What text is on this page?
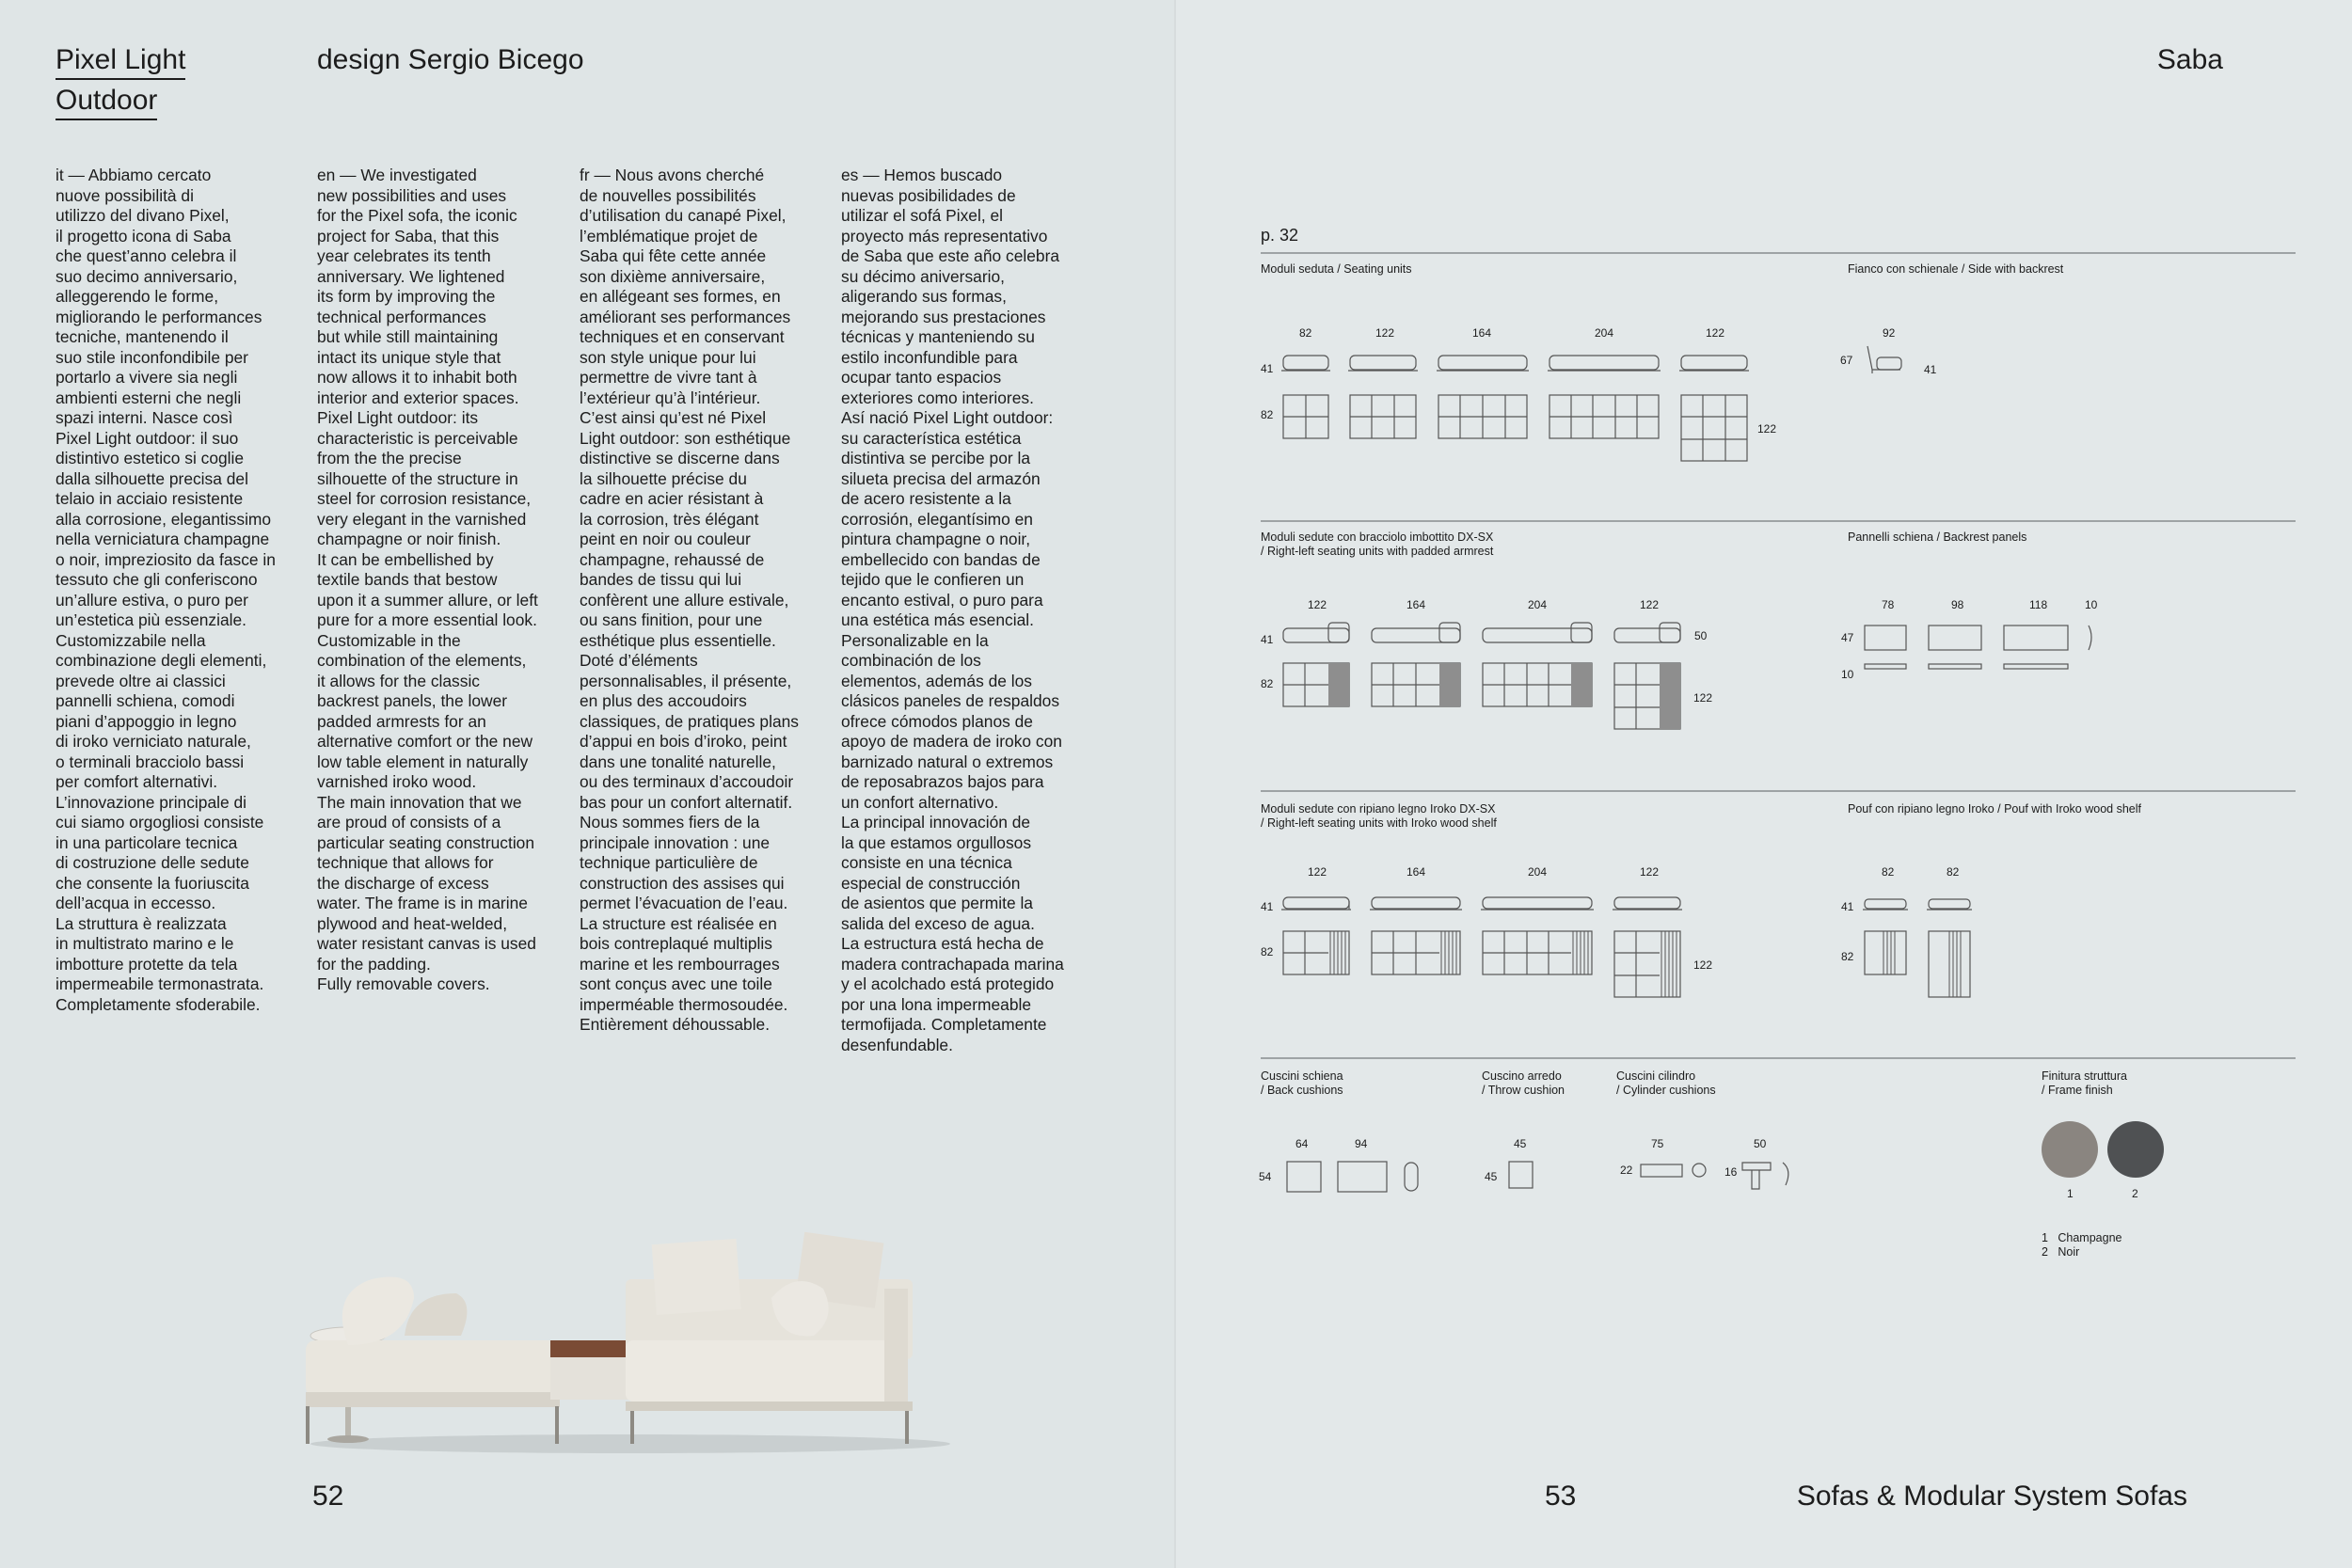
Pixel Light
Outdoor
design Sergio Bicego
it — Abbiamo cercato
nuove possibilità di
utilizzo del divano Pixel,
il progetto icona di Saba
che quest’anno celebra il
suo decimo anniversario,
alleggerendo le forme,
migliorando le performances
tecniche, mantenendo il
suo stile inconfondibile per
portarlo a vivere sia negli
ambienti esterni che negli
spazi interni. Nasce così
Pixel Light outdoor: il suo
distintivo estetico si coglie
dalla silhouette precisa del
telaio in acciaio resistente
alla corrosione, elegantissimo
nella verniciatura champagne
o noir, impreziosito da fasce in
tessuto che gli conferiscono
un’allure estiva, o puro per
un’estetica più essenziale.
Customizzabile nella
combinazione degli elementi,
prevede oltre ai classici
pannelli schiena, comodi
piani d’appoggio in legno
di iroko verniciato naturale,
o terminali bracciolo bassi
per comfort alternativi.
L’innovazione principale di
cui siamo orgogliosi consiste
in una particolare tecnica
di costruzione delle sedute
che consente la fuoriuscita
dell’acqua in eccesso.
La struttura è realizzata
in multistrato marino e le
imbotture protette da tela
impermeabile termonastrata.
Completamente sfoderabile.
en — We investigated
new possibilities and uses
for the Pixel sofa, the iconic
project for Saba, that this
year celebrates its tenth
anniversary. We lightened
its form by improving the
technical performances
but while still maintaining
intact its unique style that
now allows it to inhabit both
interior and exterior spaces.
Pixel Light outdoor: its
characteristic is perceivable
from the the precise
silhouette of the structure in
steel for corrosion resistance,
very elegant in the varnished
champagne or noir finish.
It can be embellished by
textile bands that bestow
upon it a summer allure, or left
pure for a more essential look.
Customizable in the
combination of the elements,
it allows for the classic
backrest panels, the lower
padded armrests for an
alternative comfort or the new
low table element in naturally
varnished iroko wood.
The main innovation that we
are proud of consists of a
particular seating construction
technique that allows for
the discharge of excess
water. The frame is in marine
plywood and heat-welded,
water resistant canvas is used
for the padding.
Fully removable covers.
fr — Nous avons cherché
de nouvelles possibilités
d’utilisation du canapé Pixel,
l’emblématique projet de
Saba qui fête cette année
son dixième anniversaire,
en allégeant ses formes, en
améliorant ses performances
techniques et en conservant
son style unique pour lui
permettre de vivre tant à
l’extérieur qu’à l’intérieur.
C’est ainsi qu’est né Pixel
Light outdoor: son esthétique
distinctive se discerne dans
la silhouette précise du
cadre en acier résistant à
la corrosion, très élégant
peint en noir ou couleur
champagne, rehaussé de
bandes de tissu qui lui
confèrent une allure estivale,
ou sans finition, pour une
esthétique plus essentielle.
Doté d’éléments
personnalisables, il présente,
en plus des accoudoirs
classiques, de pratiques plans
d’appui en bois d’iroko, peint
dans une tonalité naturelle,
ou des terminaux d’accoudoir
bas pour un confort alternatif.
Nous sommes fiers de la
principale innovation : une
technique particulière de
construction des assises qui
permet l’évacuation de l’eau.
La structure est réalisée en
bois contreplaqué multiplis
marine et les rembourrages
sont conçus avec une toile
imperméable thermosoudée.
Entièrement déhoussable.
es — Hemos buscado
nuevas posibilidades de
utilizar el sofá Pixel, el
proyecto más representativo
de Saba que este año celebra
su décimo aniversario,
aligerando sus formas,
mejorando sus prestaciones
técnicas y manteniendo su
estilo inconfundible para
ocupar tanto espacios
exteriores como interiores.
Así nació Pixel Light outdoor:
su característica estética
distintiva se percibe por la
silueta precisa del armazón
de acero resistente a la
corrosión, elegantísimo en
pintura champagne o noir,
embellecido con bandas de
tejido que le confieren un
encanto estival, o puro para
una estética más esencial.
Personalizable en la
combinación de los
elementos, además de los
clásicos paneles de respaldos
ofrece cómodos planos de
apoyo de madera de iroko con
barnizado natural o extremos
de reposabrazos bajos para
un confort alternativo.
La principal innovación de
la que estamos orgullosos
consiste en una técnica
especial de construcción
de asientos que permite la
salida del exceso de agua.
La estructura está hecha de
madera contrachapada marina
y el acolchado está protegido
por una lona impermeable
termofijada. Completamente
desenfundable.
52
Saba
p. 32
Moduli seduta / Seating units	Fianco con schienale / Side with backrest
Moduli sedute con bracciolo imbottito DX-SX
/ Right-left seating units with padded armrest
Pannelli schiena / Backrest panels
Moduli sedute con ripiano legno Iroko DX-SX
/ Right-left seating units with Iroko wood shelf
Pouf con ripiano legno Iroko / Pouf with Iroko wood shelf
Cuscini schiena
/ Back cushions
Cuscino arredo
/ Throw cushion
Cuscini cilindro
/ Cylinder cushions
Finitura struttura
/ Frame finish
82	122	164	204	122
41
82
122
92
67
41
122	164	204	122
41	50
82
122
78	98	118	10
47
10
122	164	204	122
41
82
122
82	82
41
82
64	94
54
45
45
75	50
22	16
1	2
1 Champagne
2 Noir
53	Sofas & Modular System Sofas
